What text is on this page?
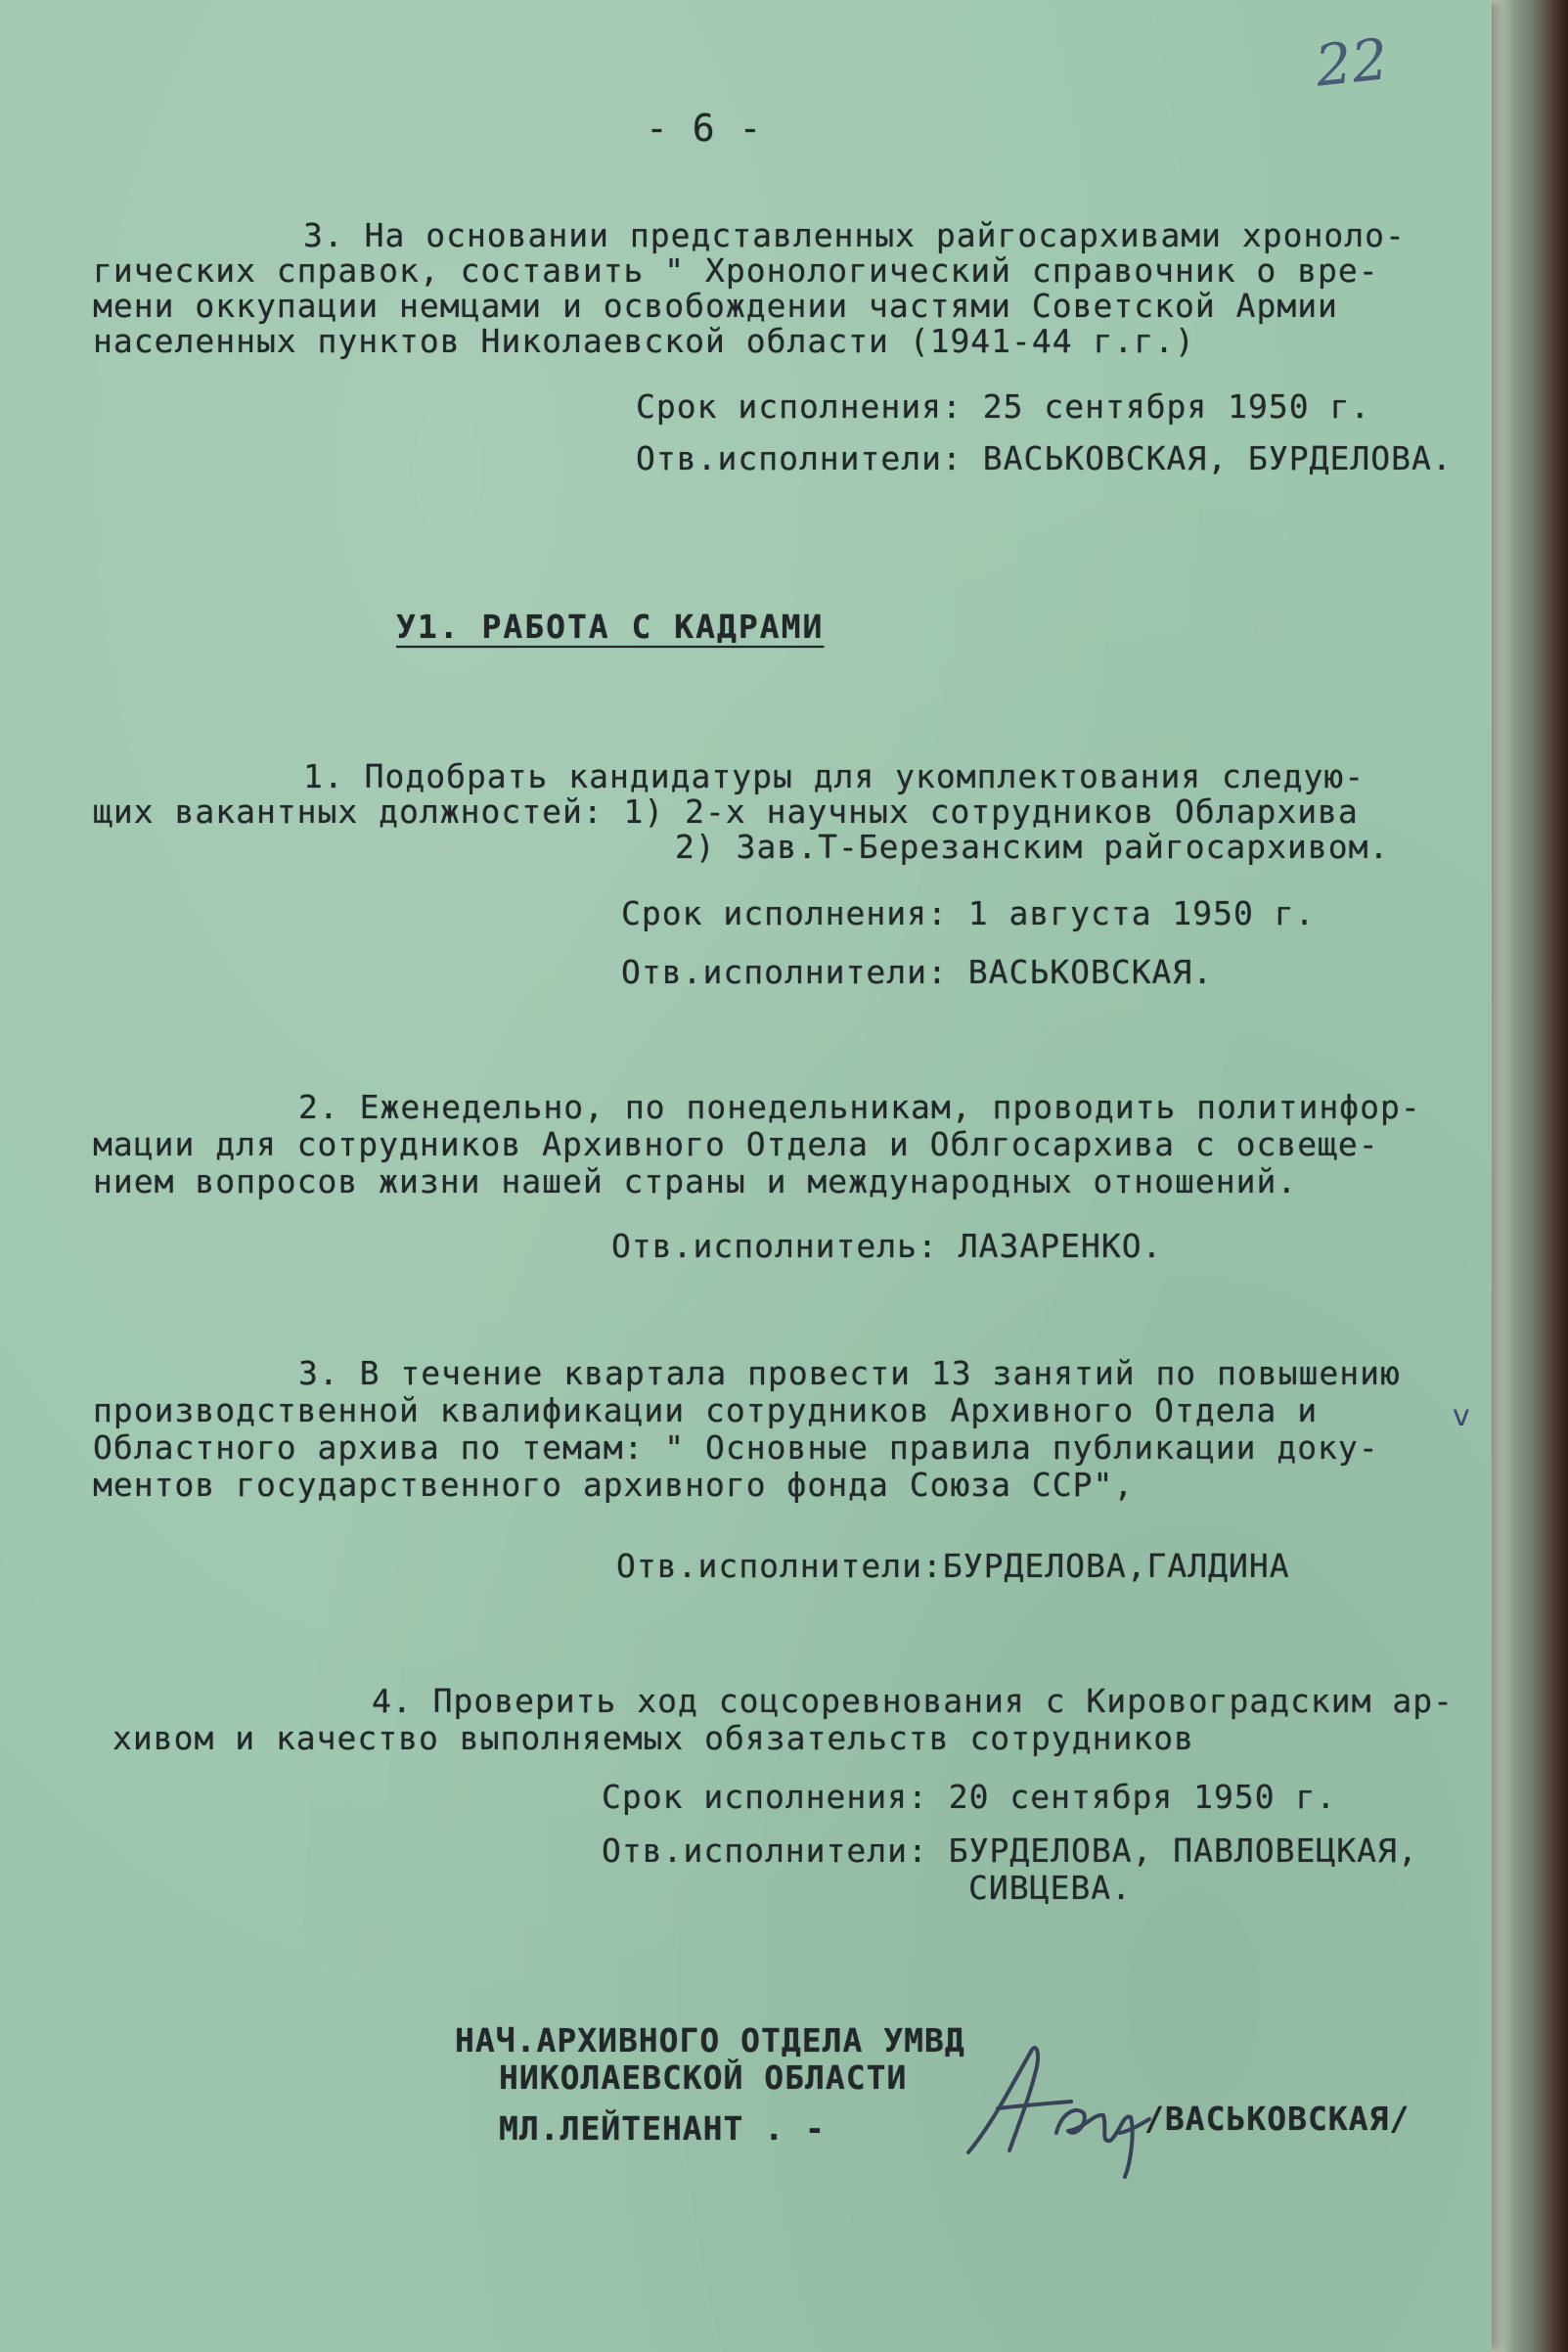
22
- 6 -
3. На основании представленных райгосархивами хроноло-
гических справок, составить " Хронологический справочник о вре-
мени оккупации немцами и освобождении частями Советской Армии
населенных пунктов Николаевской области (1941-44 г.г.)
Срок исполнения: 25 сентября 1950 г.
Отв.исполнители: ВАСЬКОВСКАЯ, БУРДЕЛОВА.
У1. РАБОТА С КАДРАМИ
1. Подобрать кандидатуры для укомплектования следую-
щих вакантных должностей: 1) 2-х научных сотрудников Облархива
2) Зав.Т-Березанским райгосархивом.
Срок исполнения: 1 августа 1950 г.
Отв.исполнители: ВАСЬКОВСКАЯ.
2. Еженедельно, по понедельникам, проводить политинфор-
мации для сотрудников Архивного Отдела и Облгосархива с освеще-
нием вопросов жизни нашей страны и международных отношений.
Отв.исполнитель: ЛАЗАРЕНКО.
3. В течение квартала провести 13 занятий по повышению
производственной квалификации сотрудников Архивного Отдела и
Областного архива по темам: " Основные правила публикации доку-
ментов государственного архивного фонда Союза ССР",
v
Отв.исполнители:БУРДЕЛОВА,ГАЛДИНА
4. Проверить ход соцсоревнования с Кировоградским ар-
хивом и качество выполняемых обязательств сотрудников
Срок исполнения: 20 сентября 1950 г.
Отв.исполнители: БУРДЕЛОВА, ПАВЛОВЕЦКАЯ,
СИВЦЕВА.
НАЧ.АРХИВНОГО ОТДЕЛА УМВД
НИКОЛАЕВСКОЙ ОБЛАСТИ
МЛ.ЛЕЙТЕНАНТ . -	/ВАСЬКОВСКАЯ/
